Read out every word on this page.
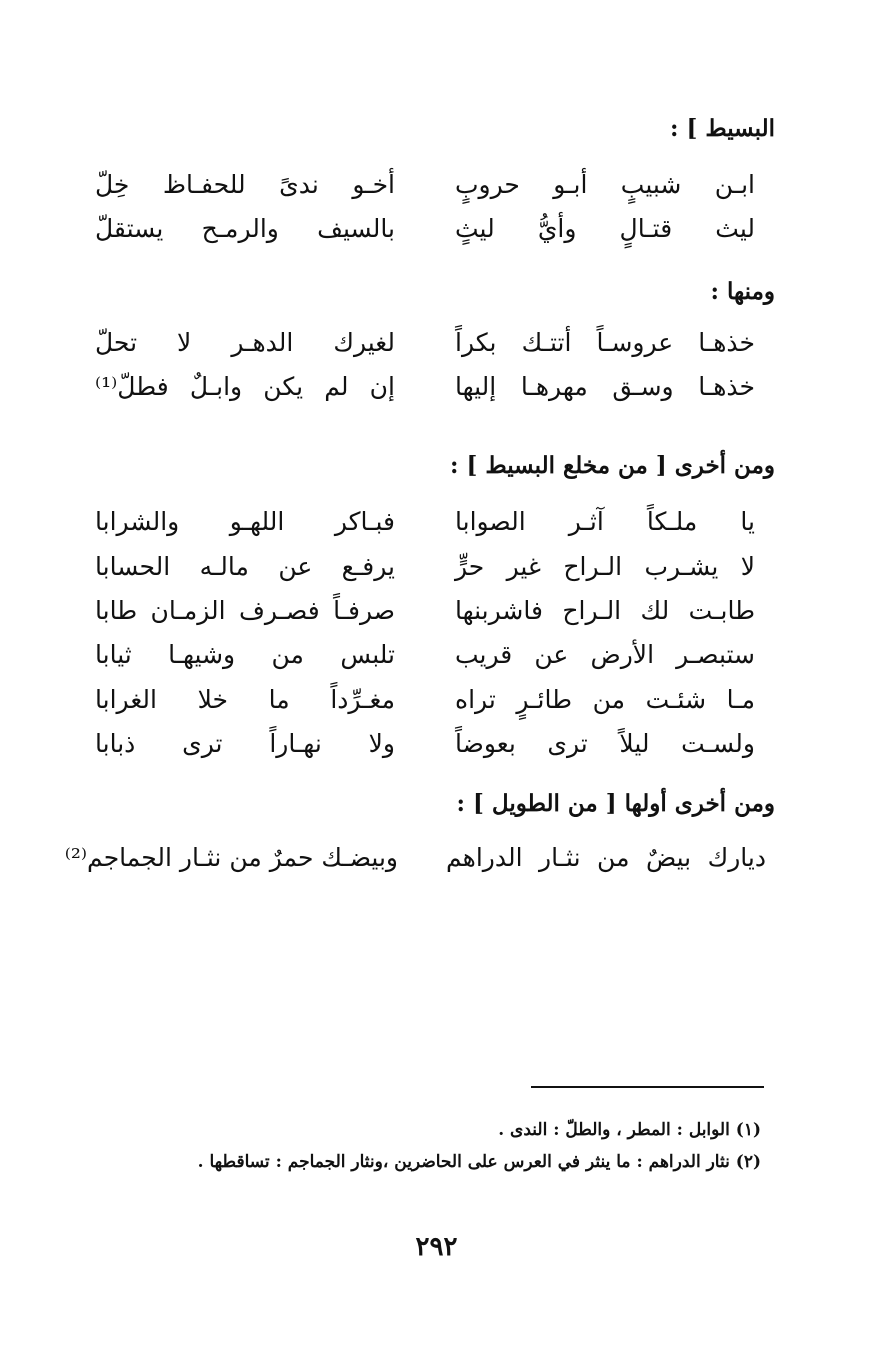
البسيط ] :
ابـن شبيبٍ أبـو حروبٍ
أخـو ندىً للحفـاظ خِلّ
ليث قتـالٍ وأيُّ ليثٍ
بالسيف والرمـح يستقلّ
ومنها :
خذهـا عروسـاً أتتـك بكراً
لغيرك الدهـر لا تحلّ
خذهـا وسـق مهرهـا إليها
إن لم يكن وابـلٌ فطلّ⁽¹⁾
ومن أخرى [ من مخلع البسيط ] :
يا ملـكاً آثـر الصوابا
فبـاكر اللهـو والشرابا
لا يشـرب الـراح غير حرٍّ
يرفـع عن مالـه الحسابا
طابـت لك الـراح فاشربنها
صرفـاً فصـرف الزمـان طابا
ستبصـر الأرض عن قريب
تلبس من وشيهـا ثيابا
مـا شئـت من طائـرٍ تراه
مغـرِّداً ما خلا الغرابا
ولسـت ليلاً ترى بعوضاً
ولا نهـاراً ترى ذبابا
ومن أخرى أولها [ من الطويل ] :
ديارك بيضٌ من نثـار الدراهم
وبيضـك حمرٌ من نثـار الجماجم⁽²⁾
(١) الوابل : المطر ، والطلّ : الندى .
(٢) نثار الدراهم : ما ينثر في العرس على الحاضرين ،ونثار الجماجم : تساقطها .
٢٩٢
